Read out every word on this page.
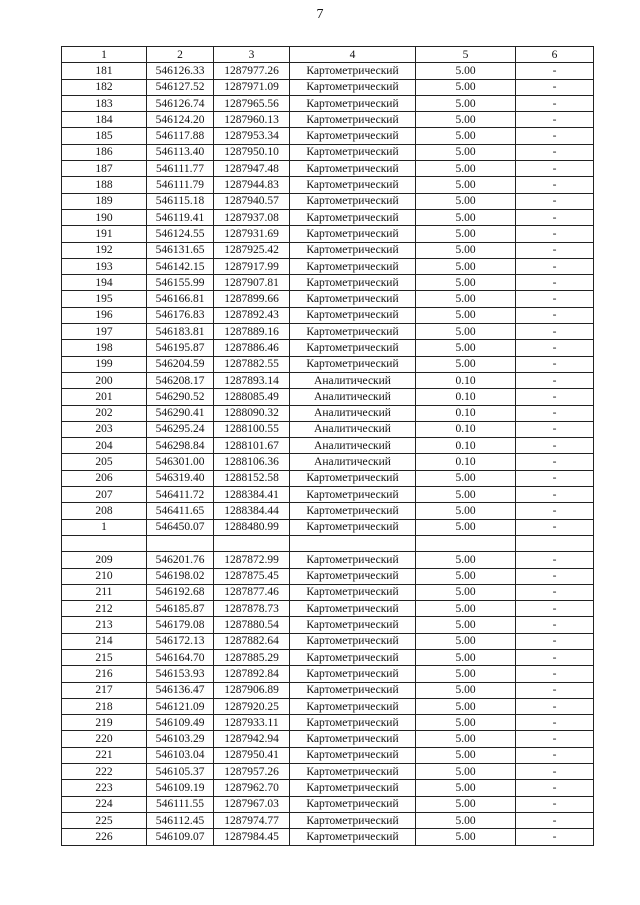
7
1	2	3	4	5	6
181	546126.33	1287977.26	Картометрический	5.00	-
182	546127.52	1287971.09	Картометрический	5.00	-
183	546126.74	1287965.56	Картометрический	5.00	-
184	546124.20	1287960.13	Картометрический	5.00	-
185	546117.88	1287953.34	Картометрический	5.00	-
186	546113.40	1287950.10	Картометрический	5.00	-
187	546111.77	1287947.48	Картометрический	5.00	-
188	546111.79	1287944.83	Картометрический	5.00	-
189	546115.18	1287940.57	Картометрический	5.00	-
190	546119.41	1287937.08	Картометрический	5.00	-
191	546124.55	1287931.69	Картометрический	5.00	-
192	546131.65	1287925.42	Картометрический	5.00	-
193	546142.15	1287917.99	Картометрический	5.00	-
194	546155.99	1287907.81	Картометрический	5.00	-
195	546166.81	1287899.66	Картометрический	5.00	-
196	546176.83	1287892.43	Картометрический	5.00	-
197	546183.81	1287889.16	Картометрический	5.00	-
198	546195.87	1287886.46	Картометрический	5.00	-
199	546204.59	1287882.55	Картометрический	5.00	-
200	546208.17	1287893.14	Аналитический	0.10	-
201	546290.52	1288085.49	Аналитический	0.10	-
202	546290.41	1288090.32	Аналитический	0.10	-
203	546295.24	1288100.55	Аналитический	0.10	-
204	546298.84	1288101.67	Аналитический	0.10	-
205	546301.00	1288106.36	Аналитический	0.10	-
206	546319.40	1288152.58	Картометрический	5.00	-
207	546411.72	1288384.41	Картометрический	5.00	-
208	546411.65	1288384.44	Картометрический	5.00	-
1	546450.07	1288480.99	Картометрический	5.00	-

209	546201.76	1287872.99	Картометрический	5.00	-
210	546198.02	1287875.45	Картометрический	5.00	-
211	546192.68	1287877.46	Картометрический	5.00	-
212	546185.87	1287878.73	Картометрический	5.00	-
213	546179.08	1287880.54	Картометрический	5.00	-
214	546172.13	1287882.64	Картометрический	5.00	-
215	546164.70	1287885.29	Картометрический	5.00	-
216	546153.93	1287892.84	Картометрический	5.00	-
217	546136.47	1287906.89	Картометрический	5.00	-
218	546121.09	1287920.25	Картометрический	5.00	-
219	546109.49	1287933.11	Картометрический	5.00	-
220	546103.29	1287942.94	Картометрический	5.00	-
221	546103.04	1287950.41	Картометрический	5.00	-
222	546105.37	1287957.26	Картометрический	5.00	-
223	546109.19	1287962.70	Картометрический	5.00	-
224	546111.55	1287967.03	Картометрический	5.00	-
225	546112.45	1287974.77	Картометрический	5.00	-
226	546109.07	1287984.45	Картометрический	5.00	-
